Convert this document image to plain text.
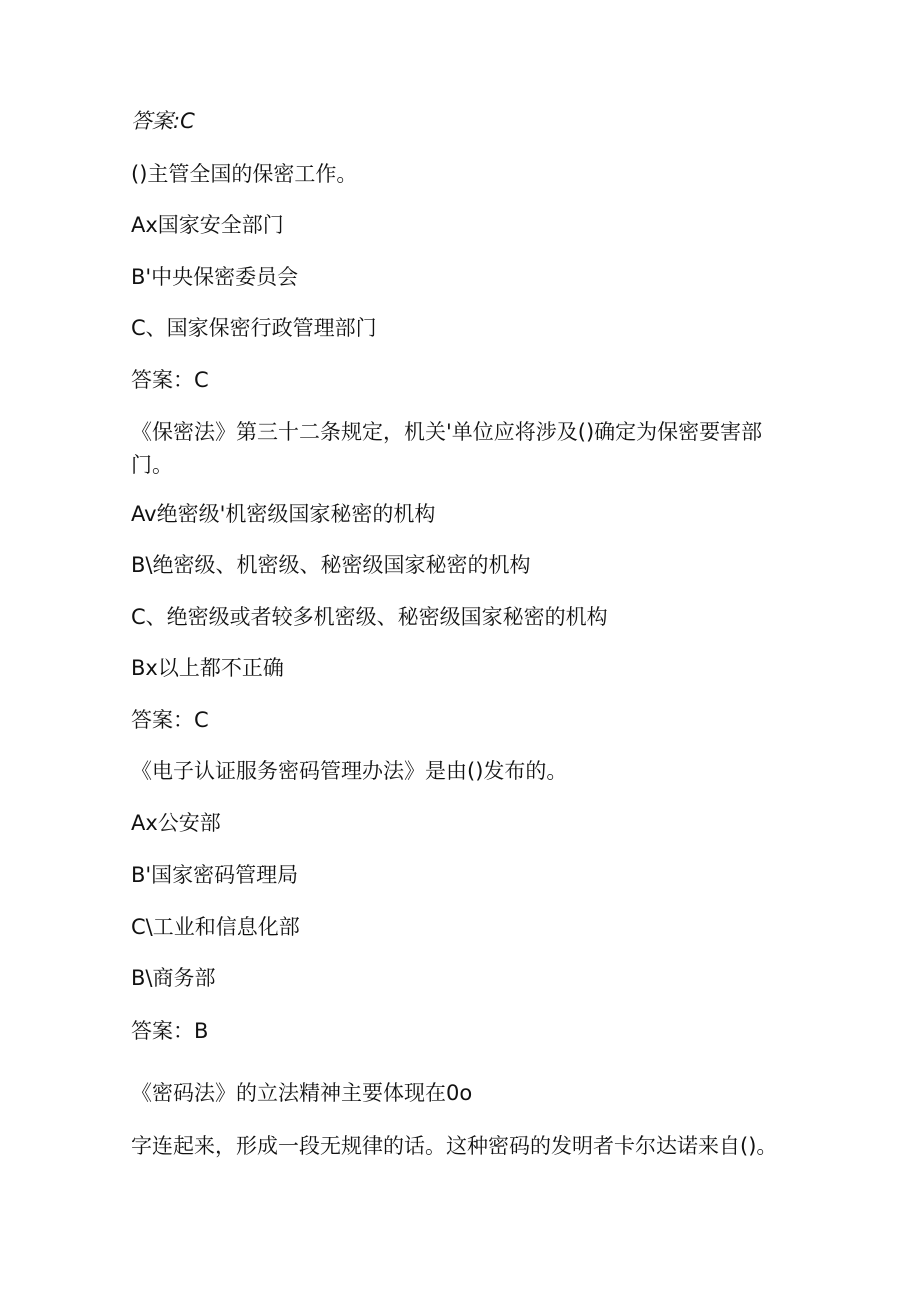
答案:C

()主管全国的保密工作。

Ax国家安全部门

B'中央保密委员会

C、国家保密行政管理部门

答案：C

《保密法》第三十二条规定，机关'单位应将涉及()确定为保密要害部门。

Av绝密级'机密级国家秘密的机构

B\绝密级、机密级、秘密级国家秘密的机构

C、绝密级或者较多机密级、秘密级国家秘密的机构

Bx以上都不正确

答案：C

《电子认证服务密码管理办法》是由()发布的。

Ax公安部

B'国家密码管理局

C\工业和信息化部

B\商务部

答案：B

《密码法》的立法精神主要体现在0o

字连起来，形成一段无规律的话。这种密码的发明者卡尔达诺来自()。
